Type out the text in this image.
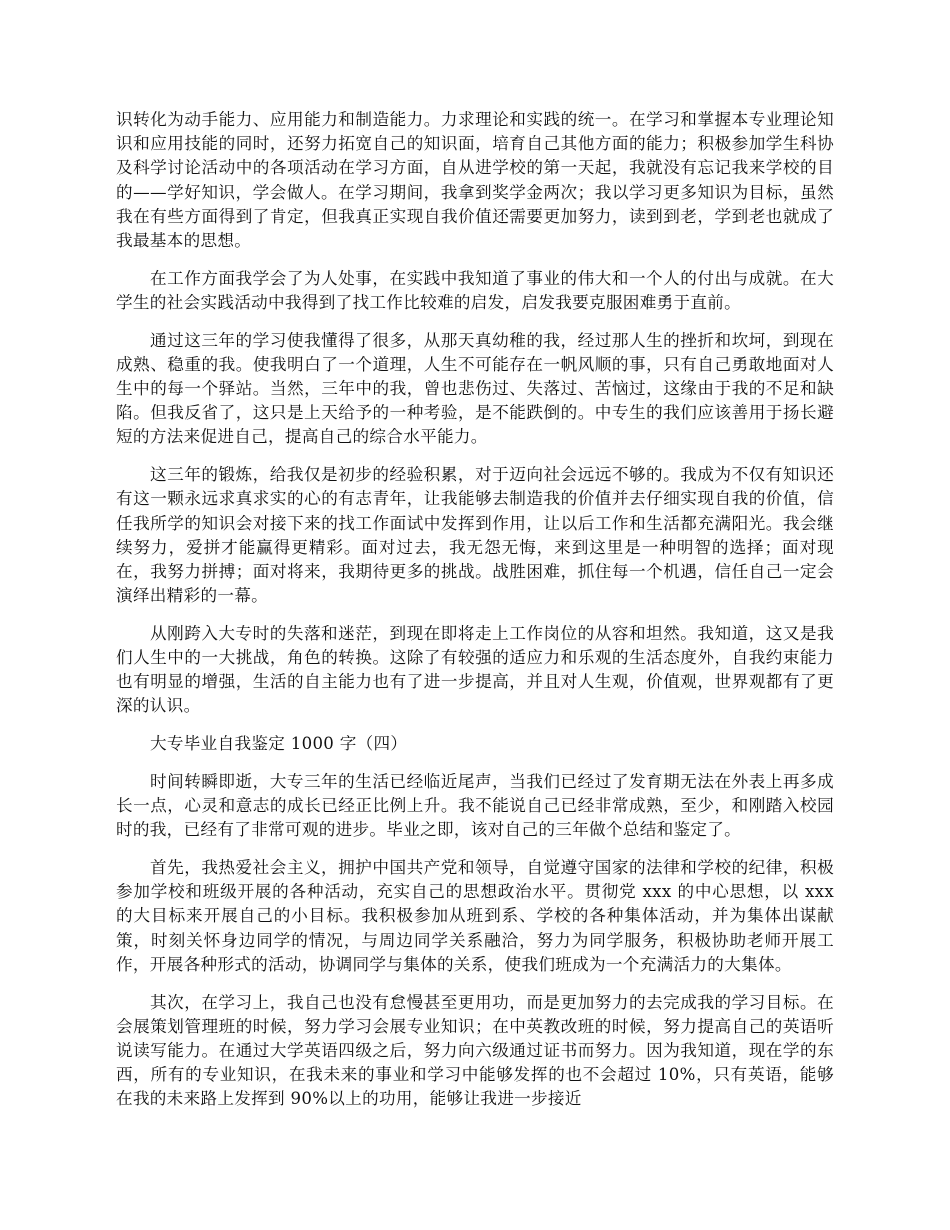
识转化为动手能力、应用能力和制造能力。力求理论和实践的统一。在学习和掌握本专业理论知识和应用技能的同时，还努力拓宽自己的知识面，培育自己其他方面的能力；积极参加学生科协及科学讨论活动中的各项活动在学习方面，自从进学校的第一天起，我就没有忘记我来学校的目的——学好知识，学会做人。在学习期间，我拿到奖学金两次；我以学习更多知识为目标，虽然我在有些方面得到了肯定，但我真正实现自我价值还需要更加努力，读到到老，学到老也就成了我最基本的思想。

在工作方面我学会了为人处事，在实践中我知道了事业的伟大和一个人的付出与成就。在大学生的社会实践活动中我得到了找工作比较难的启发，启发我要克服困难勇于直前。

通过这三年的学习使我懂得了很多，从那天真幼稚的我，经过那人生的挫折和坎坷，到现在成熟、稳重的我。使我明白了一个道理，人生不可能存在一帆风顺的事，只有自己勇敢地面对人生中的每一个驿站。当然，三年中的我，曾也悲伤过、失落过、苦恼过，这缘由于我的不足和缺陷。但我反省了，这只是上天给予的一种考验，是不能跌倒的。中专生的我们应该善用于扬长避短的方法来促进自己，提高自己的综合水平能力。

这三年的锻炼，给我仅是初步的经验积累，对于迈向社会远远不够的。我成为不仅有知识还有这一颗永远求真求实的心的有志青年，让我能够去制造我的价值并去仔细实现自我的价值，信任我所学的知识会对接下来的找工作面试中发挥到作用，让以后工作和生活都充满阳光。我会继续努力，爱拼才能赢得更精彩。面对过去，我无怨无悔，来到这里是一种明智的选择；面对现在，我努力拼搏；面对将来，我期待更多的挑战。战胜困难，抓住每一个机遇，信任自己一定会演绎出精彩的一幕。

从刚跨入大专时的失落和迷茫，到现在即将走上工作岗位的从容和坦然。我知道，这又是我们人生中的一大挑战，角色的转换。这除了有较强的适应力和乐观的生活态度外，自我约束能力也有明显的增强，生活的自主能力也有了进一步提高，并且对人生观，价值观，世界观都有了更深的认识。

大专毕业自我鉴定 1000 字（四）

时间转瞬即逝，大专三年的生活已经临近尾声，当我们已经过了发育期无法在外表上再多成长一点，心灵和意志的成长已经正比例上升。我不能说自己已经非常成熟，至少，和刚踏入校园时的我，已经有了非常可观的进步。毕业之即，该对自己的三年做个总结和鉴定了。

首先，我热爱社会主义，拥护中国共产党和领导，自觉遵守国家的法律和学校的纪律，积极参加学校和班级开展的各种活动，充实自己的思想政治水平。贯彻党 xxx 的中心思想，以 xxx 的大目标来开展自己的小目标。我积极参加从班到系、学校的各种集体活动，并为集体出谋献策，时刻关怀身边同学的情况，与周边同学关系融洽，努力为同学服务，积极协助老师开展工作，开展各种形式的活动，协调同学与集体的关系，使我们班成为一个充满活力的大集体。

其次，在学习上，我自己也没有怠慢甚至更用功，而是更加努力的去完成我的学习目标。在会展策划管理班的时候，努力学习会展专业知识；在中英教改班的时候，努力提高自己的英语听说读写能力。在通过大学英语四级之后，努力向六级通过证书而努力。因为我知道，现在学的东西，所有的专业知识，在我未来的事业和学习中能够发挥的也不会超过 10%，只有英语，能够在我的未来路上发挥到 90%以上的功用，能够让我进一步接近
